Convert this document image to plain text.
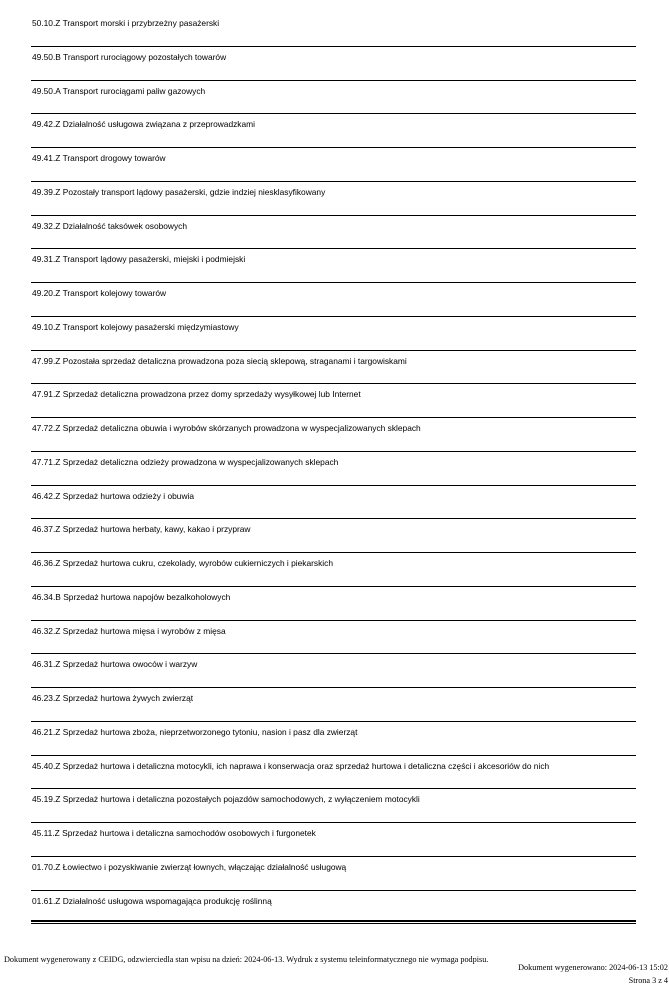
50.10.Z Transport morski i przybrzeżny pasażerski
49.50.B Transport rurociągowy pozostałych towarów
49.50.A Transport rurociągami paliw gazowych
49.42.Z Działalność usługowa związana z przeprowadzkami
49.41.Z Transport drogowy towarów
49.39.Z Pozostały transport lądowy pasażerski, gdzie indziej niesklasyfikowany
49.32.Z Działalność taksówek osobowych
49.31.Z Transport lądowy pasażerski, miejski i podmiejski
49.20.Z Transport kolejowy towarów
49.10.Z Transport kolejowy pasażerski międzymiastowy
47.99.Z Pozostała sprzedaż detaliczna prowadzona poza siecią sklepową, straganami i targowiskami
47.91.Z Sprzedaż detaliczna prowadzona przez domy sprzedaży wysyłkowej lub Internet
47.72.Z Sprzedaż detaliczna obuwia i wyrobów skórzanych prowadzona w wyspecjalizowanych sklepach
47.71.Z Sprzedaż detaliczna odzieży prowadzona w wyspecjalizowanych sklepach
46.42.Z Sprzedaż hurtowa odzieży i obuwia
46.37.Z Sprzedaż hurtowa herbaty, kawy, kakao i przypraw
46.36.Z Sprzedaż hurtowa cukru, czekolady, wyrobów cukierniczych i piekarskich
46.34.B Sprzedaż hurtowa napojów bezalkoholowych
46.32.Z Sprzedaż hurtowa mięsa i wyrobów z mięsa
46.31.Z Sprzedaż hurtowa owoców i warzyw
46.23.Z Sprzedaż hurtowa żywych zwierząt
46.21.Z Sprzedaż hurtowa zboża, nieprzetworzonego tytoniu, nasion i pasz dla zwierząt
45.40.Z Sprzedaż hurtowa i detaliczna motocykli, ich naprawa i konserwacja oraz sprzedaż hurtowa i detaliczna części i akcesoriów do nich
45.19.Z Sprzedaż hurtowa i detaliczna pozostałych pojazdów samochodowych, z wyłączeniem motocykli
45.11.Z Sprzedaż hurtowa i detaliczna samochodów osobowych i furgonetek
01.70.Z Łowiectwo i pozyskiwanie zwierząt łownych, włączając działalność usługową
01.61.Z Działalność usługowa wspomagająca produkcję roślinną
Dokument wygenerowany z CEIDG, odzwierciedla stan wpisu na dzień: 2024-06-13. Wydruk z systemu teleinformatycznego nie wymaga podpisu.
Dokument wygenerowano: 2024-06-13 15:02
Strona 3 z 4
